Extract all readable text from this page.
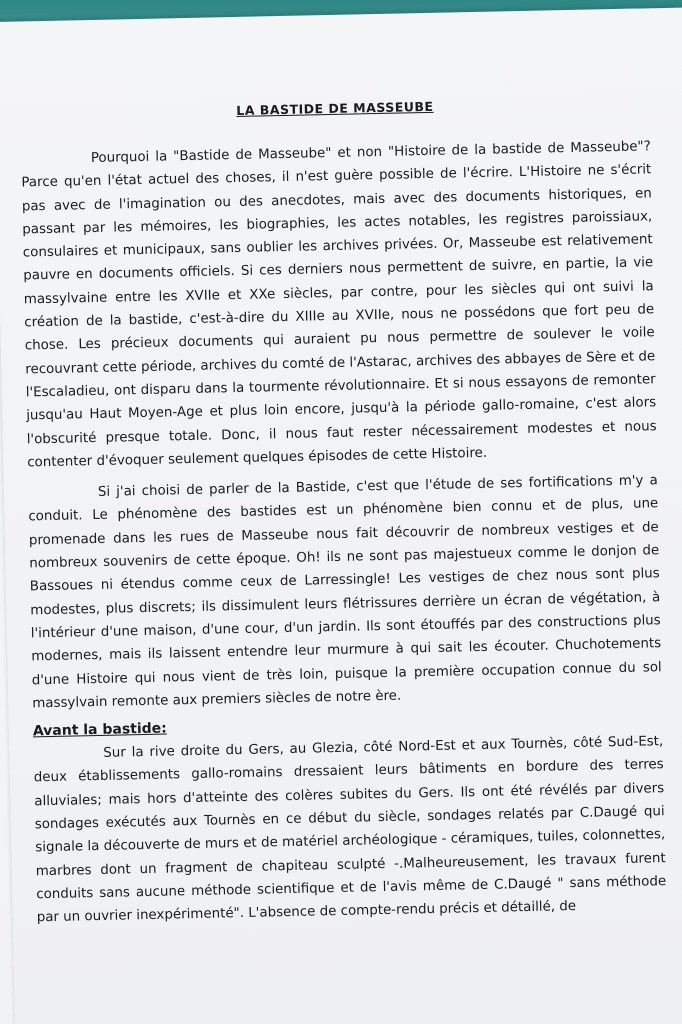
LA BASTIDE DE MASSEUBE

Pourquoi la "Bastide de Masseube" et non "Histoire de la bastide de Masseube"? Parce qu'en l'état actuel des choses, il n'est guère possible de l'écrire. L'Histoire ne s'écrit pas avec de l'imagination ou des anecdotes, mais avec des documents historiques, en passant par les mémoires, les biographies, les actes notables, les registres paroissiaux, consulaires et municipaux, sans oublier les archives privées. Or, Masseube est relativement pauvre en documents officiels. Si ces derniers nous permettent de suivre, en partie, la vie massylvaine entre les XVIIe et XXe siècles, par contre, pour les siècles qui ont suivi la création de la bastide, c'est-à-dire du XIIIe au XVIIe, nous ne possédons que fort peu de chose. Les précieux documents qui auraient pu nous permettre de soulever le voile recouvrant cette période, archives du comté de l'Astarac, archives des abbayes de Sère et de l'Escaladieu, ont disparu dans la tourmente révolutionnaire. Et si nous essayons de remonter jusqu'au Haut Moyen-Age et plus loin encore, jusqu'à la période gallo-romaine, c'est alors l'obscurité presque totale. Donc, il nous faut rester nécessairement modestes et nous contenter d'évoquer seulement quelques épisodes de cette Histoire.

Si j'ai choisi de parler de la Bastide, c'est que l'étude de ses fortifications m'y a conduit. Le phénomène des bastides est un phénomène bien connu et de plus, une promenade dans les rues de Masseube nous fait découvrir de nombreux vestiges et de nombreux souvenirs de cette époque. Oh! ils ne sont pas majestueux comme le donjon de Bassoues ni étendus comme ceux de Larressingle! Les vestiges de chez nous sont plus modestes, plus discrets; ils dissimulent leurs flétrissures derrière un écran de végétation, à l'intérieur d'une maison, d'une cour, d'un jardin. Ils sont étouffés par des constructions plus modernes, mais ils laissent entendre leur murmure à qui sait les écouter. Chuchotements d'une Histoire qui nous vient de très loin, puisque la première occupation connue du sol massylvain remonte aux premiers siècles de notre ère.

Avant la bastide:

Sur la rive droite du Gers, au Glezia, côté Nord-Est et aux Tournès, côté Sud-Est, deux établissements gallo-romains dressaient leurs bâtiments en bordure des terres alluviales; mais hors d'atteinte des colères subites du Gers. Ils ont été révélés par divers sondages exécutés aux Tournès en ce début du siècle, sondages relatés par C.Daugé qui signale la découverte de murs et de matériel archéologique - céramiques, tuiles, colonnettes, marbres dont un fragment de chapiteau sculpté -.Malheureusement, les travaux furent conduits sans aucune méthode scientifique et de l'avis même de C.Daugé " sans méthode par un ouvrier inexpérimenté". L'absence de compte-rendu précis et détaillé, de
